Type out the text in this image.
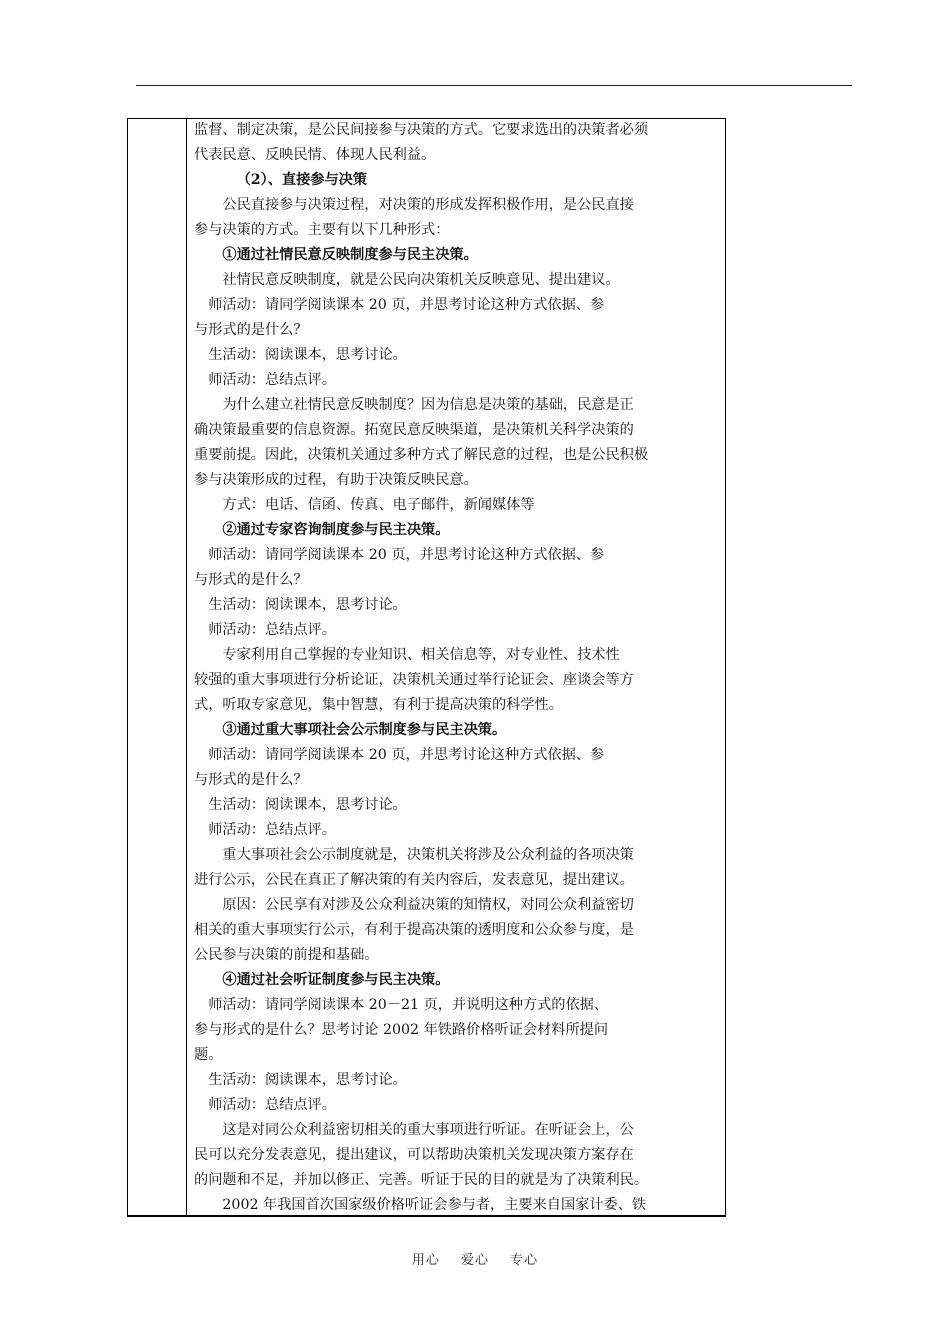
监督、制定决策，是公民间接参与决策的方式。它要求选出的决策者必须

代表民意、反映民情、体现人民利益。

（2）、直接参与决策

公民直接参与决策过程，对决策的形成发挥积极作用，是公民直接

参与决策的方式。主要有以下几种形式：

①通过社情民意反映制度参与民主决策。

社情民意反映制度，就是公民向决策机关反映意见、提出建议。

师活动：请同学阅读课本 20 页，并思考讨论这种方式依据、参

与形式的是什么？

生活动：阅读课本，思考讨论。

师活动：总结点评。

为什么建立社情民意反映制度？因为信息是决策的基础，民意是正

确决策最重要的信息资源。拓宽民意反映渠道，是决策机关科学决策的

重要前提。因此，决策机关通过多种方式了解民意的过程，也是公民积极

参与决策形成的过程，有助于决策反映民意。

方式：电话、信函、传真、电子邮件，新闻媒体等

②通过专家咨询制度参与民主决策。

师活动：请同学阅读课本 20 页，并思考讨论这种方式依据、参

与形式的是什么？

生活动：阅读课本，思考讨论。

师活动：总结点评。

专家利用自己掌握的专业知识、相关信息等，对专业性、技术性

较强的重大事项进行分析论证，决策机关通过举行论证会、座谈会等方

式，听取专家意见，集中智慧，有利于提高决策的科学性。

③通过重大事项社会公示制度参与民主决策。

师活动：请同学阅读课本 20 页，并思考讨论这种方式依据、参

与形式的是什么？

生活动：阅读课本，思考讨论。

师活动：总结点评。

重大事项社会公示制度就是，决策机关将涉及公众利益的各项决策

进行公示，公民在真正了解决策的有关内容后，发表意见，提出建议。

原因：公民享有对涉及公众利益决策的知情权，对同公众利益密切

相关的重大事项实行公示，有利于提高决策的透明度和公众参与度，是

公民参与决策的前提和基础。

④通过社会听证制度参与民主决策。

师活动：请同学阅读课本 20－21 页，并说明这种方式的依据、

参与形式的是什么？思考讨论 2002 年铁路价格听证会材料所提问

题。

生活动：阅读课本，思考讨论。

师活动：总结点评。

这是对同公众利益密切相关的重大事项进行听证。在听证会上，公

民可以充分发表意见，提出建议，可以帮助决策机关发现决策方案存在

的问题和不足，并加以修正、完善。听证于民的目的就是为了决策利民。

2002 年我国首次国家级价格听证会参与者，主要来自国家计委、铁

用心 爱心 专心
